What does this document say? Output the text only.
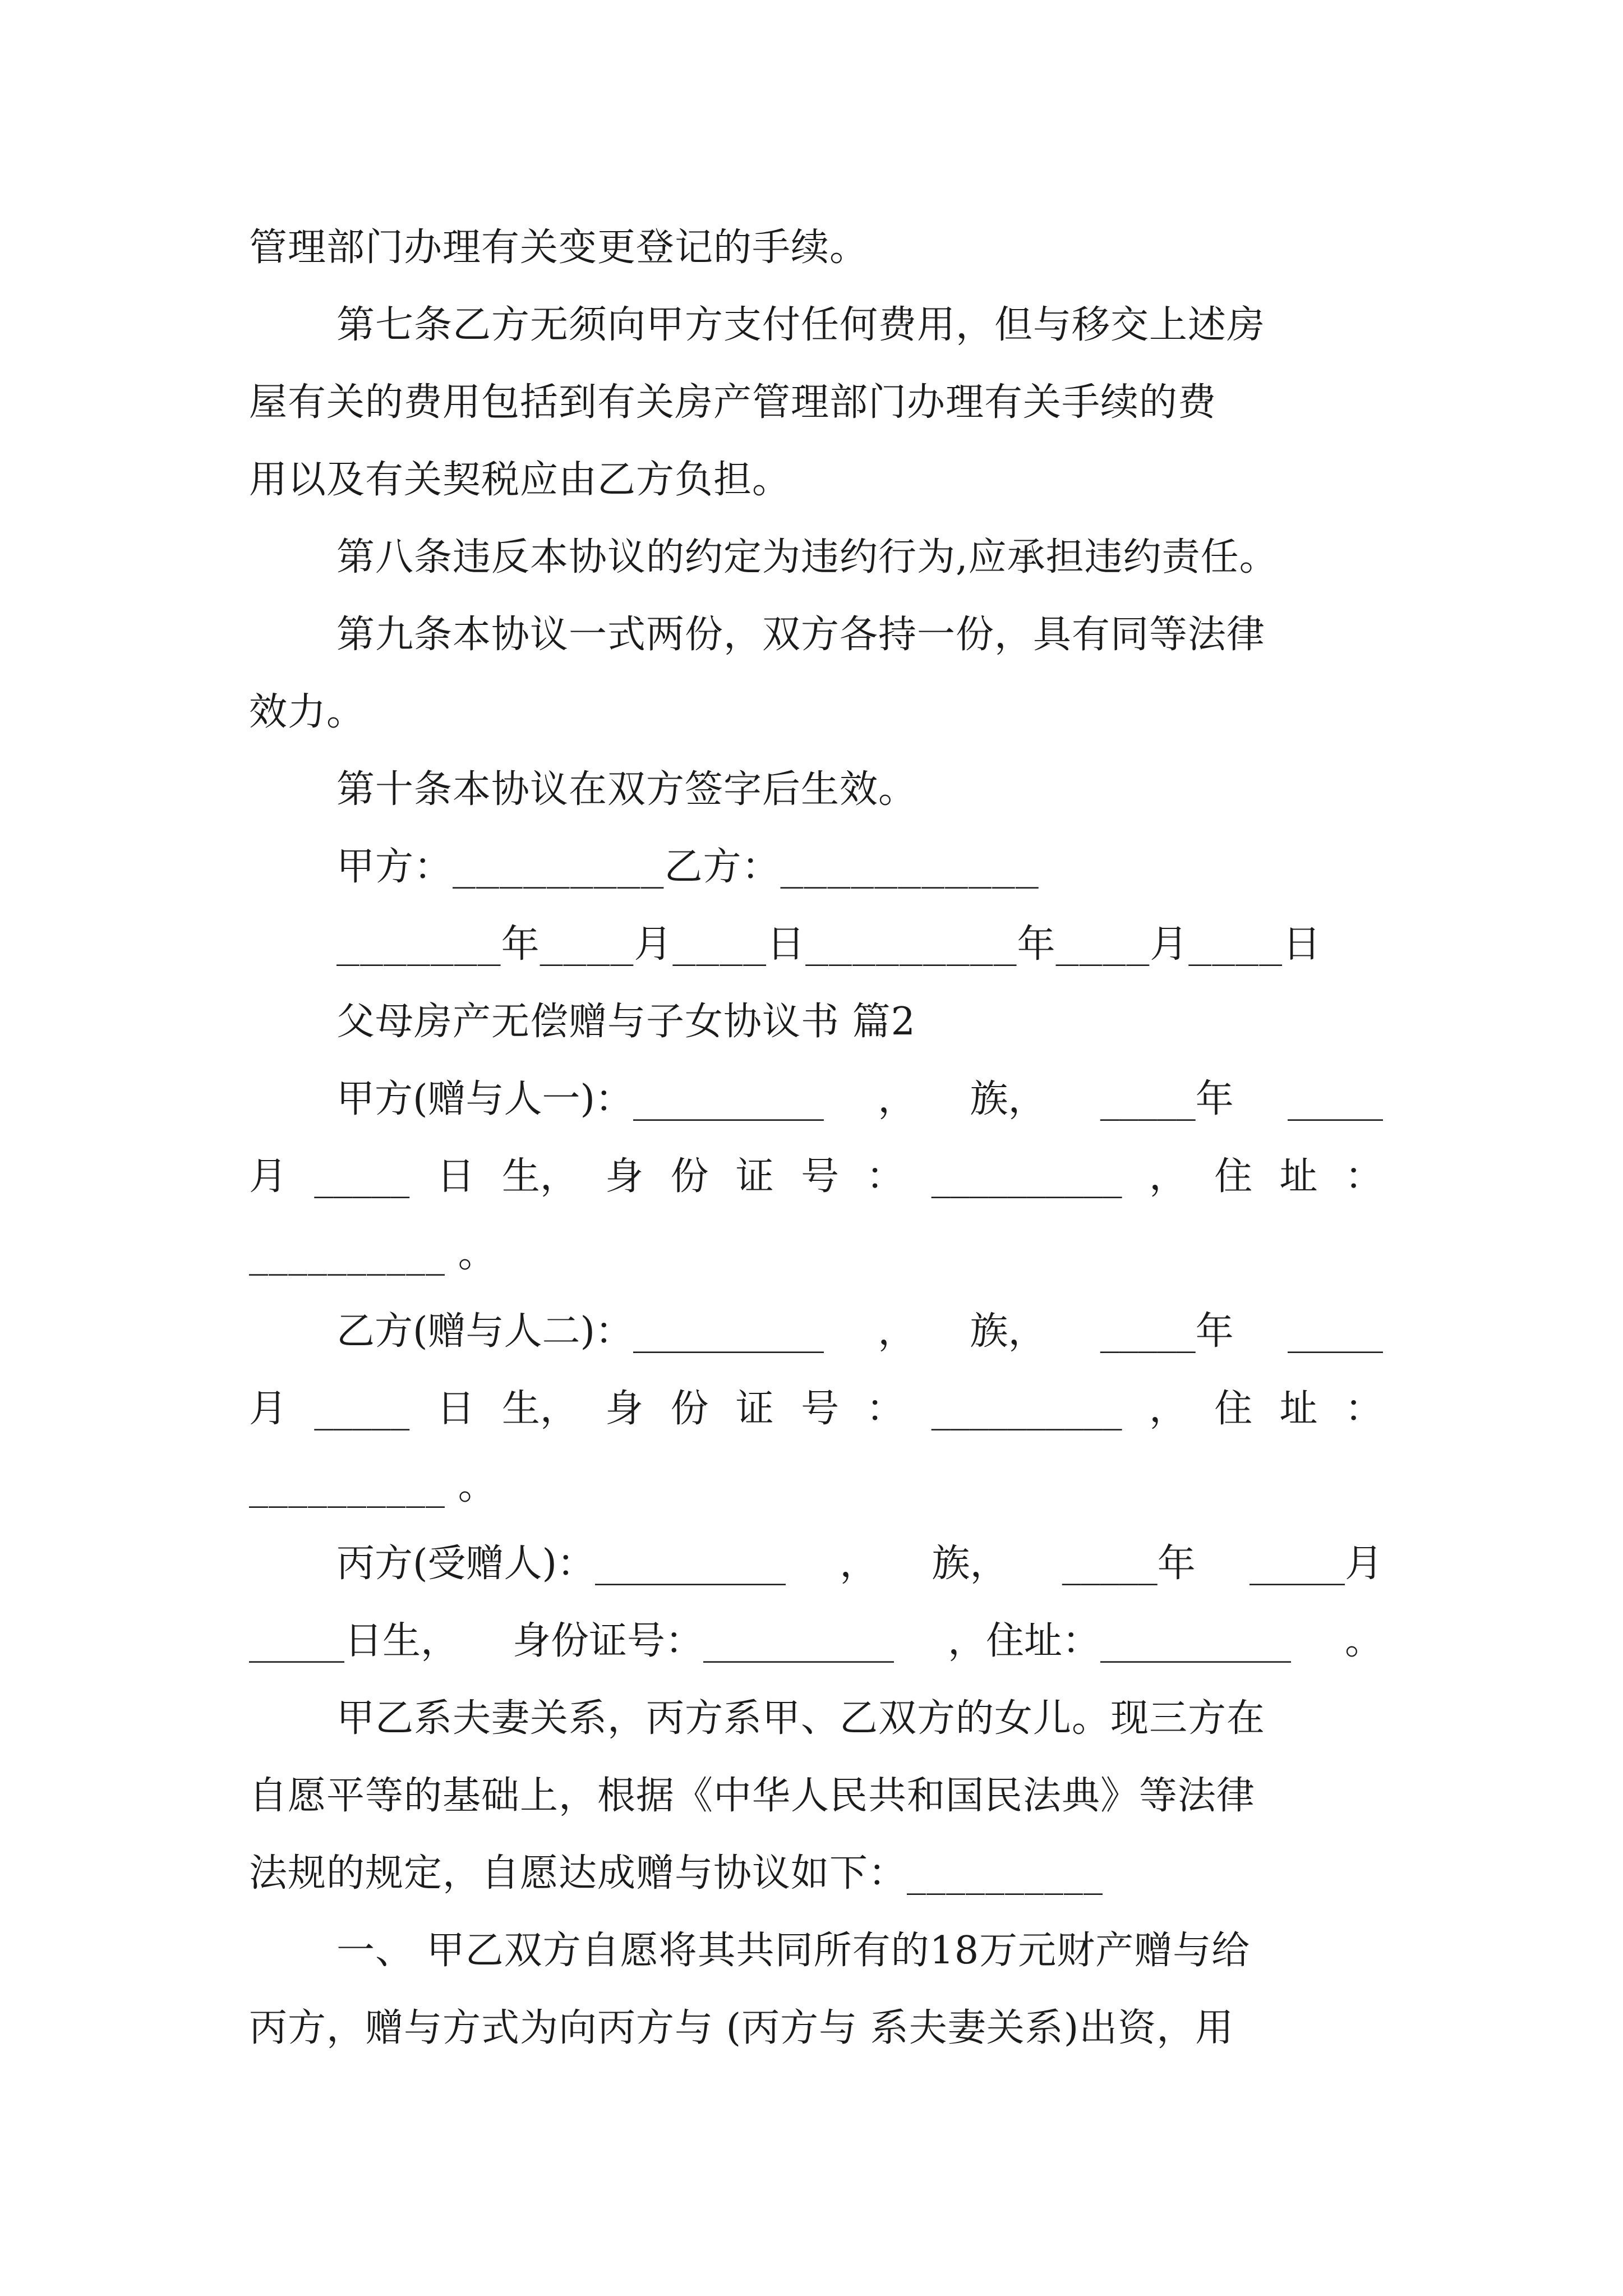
管理部门办理有关变更登记的手续。

第七条乙方无须向甲方支付任何费用，但与移交上述房

屋有关的费用包括到有关房产管理部门办理有关手续的费

用以及有关契税应由乙方负担。

第八条违反本协议的约定为违约行为,应承担违约责任。

第九条本协议一式两份，双方各持一份，具有同等法律

效力。

第十条本协议在双方签字后生效。

甲方：_________乙方：___________

_______年____月____日_________年____月____日

父母房产无偿赠与子女协议书 篇2

甲方(赠与人一)：__________ ， 族， _____年 _____
月 _____ 日 生， 身 份 证 号 ： __________ ， 住 址 ：

__________ 。

乙方(赠与人二)：__________ ， 族， _____年 _____
月 _____ 日 生， 身 份 证 号 ： __________ ， 住 址 ：

__________ 。

丙方(受赠人)：__________ ， 族， _____年 _____月
_____日生， 身份证号：__________ ，住址：__________ 。

甲乙系夫妻关系，丙方系甲、乙双方的女儿。现三方在

自愿平等的基础上，根据《中华人民共和国民法典》等法律

法规的规定，自愿达成赠与协议如下：__________

一、 甲乙双方自愿将其共同所有的18万元财产赠与给

丙方，赠与方式为向丙方与 (丙方与 系夫妻关系)出资，用
